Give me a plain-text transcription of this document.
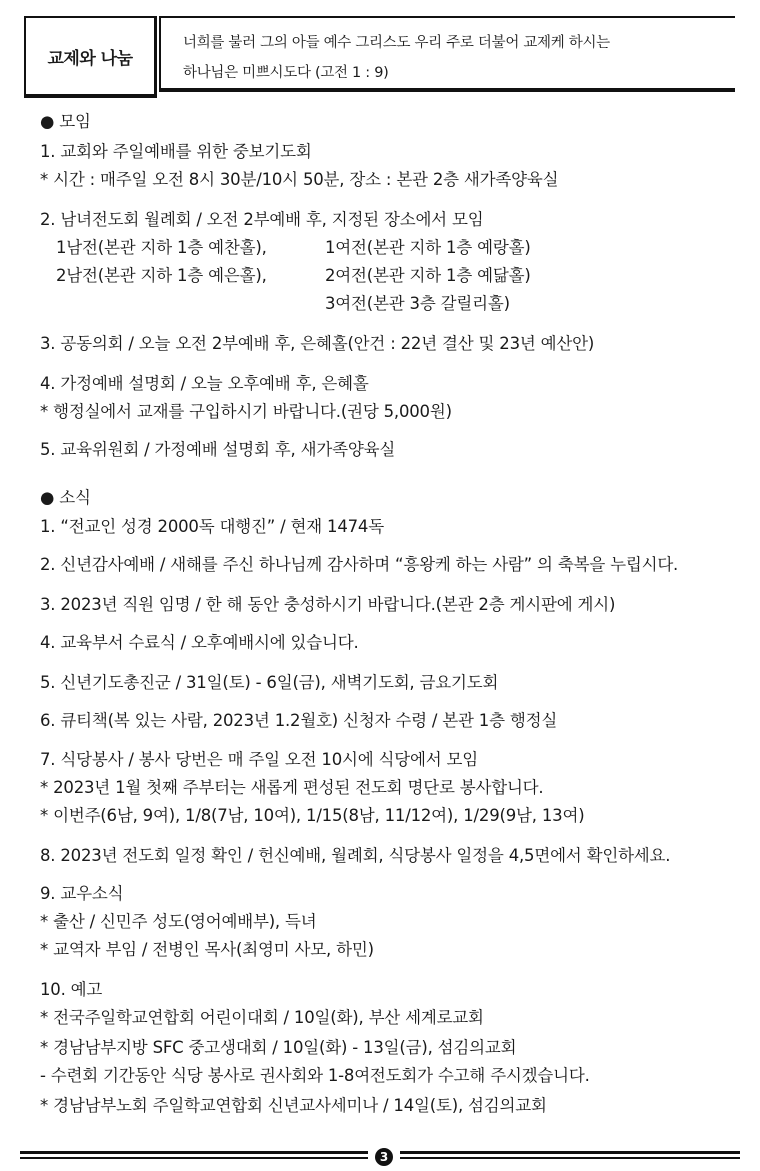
교제와 나눔
너희를 불러 그의 아들 예수 그리스도 우리 주로 더불어 교제케 하시는
하나님은 미쁘시도다 (고전 1 : 9)
● 모임
1. 교회와 주일예배를 위한 중보기도회
* 시간 : 매주일 오전 8시 30분/10시 50분, 장소 : 본관 2층 새가족양육실
2. 남녀전도회 월례회 / 오전 2부예배 후, 지정된 장소에서 모임
1남전(본관 지하 1층 예찬홀),	1여전(본관 지하 1층 예랑홀)
2남전(본관 지하 1층 예은홀),	2여전(본관 지하 1층 예닮홀)
3여전(본관 3층 갈릴리홀)
3. 공동의회 / 오늘 오전 2부예배 후, 은혜홀(안건 : 22년 결산 및 23년 예산안)
4. 가정예배 설명회 / 오늘 오후예배 후, 은혜홀
* 행정실에서 교재를 구입하시기 바랍니다.(권당 5,000원)
5. 교육위원회 / 가정예배 설명회 후, 새가족양육실
● 소식
1. “전교인 성경 2000독 대행진” / 현재 1474독
2. 신년감사예배 / 새해를 주신 하나님께 감사하며 “흥왕케 하는 사람” 의 축복을 누립시다.
3. 2023년 직원 임명 / 한 해 동안 충성하시기 바랍니다.(본관 2층 게시판에 게시)
4. 교육부서 수료식 / 오후예배시에 있습니다.
5. 신년기도총진군 / 31일(토) - 6일(금), 새벽기도회, 금요기도회
6. 큐티책(복 있는 사람, 2023년 1.2월호) 신청자 수령 / 본관 1층 행정실
7. 식당봉사 / 봉사 당번은 매 주일 오전 10시에 식당에서 모임
* 2023년 1월 첫째 주부터는 새롭게 편성된 전도회 명단로 봉사합니다.
* 이번주(6남, 9여), 1/8(7남, 10여), 1/15(8남, 11/12여), 1/29(9남, 13여)
8. 2023년 전도회 일정 확인 / 헌신예배, 월례회, 식당봉사 일정을 4,5면에서 확인하세요.
9. 교우소식
* 출산 / 신민주 성도(영어예배부), 득녀
* 교역자 부임 / 전병인 목사(최영미 사모, 하민)
10. 예고
* 전국주일학교연합회 어린이대회 / 10일(화), 부산 세계로교회
* 경남남부지방 SFC 중고생대회 / 10일(화) - 13일(금), 섬김의교회
- 수련회 기간동안 식당 봉사로 권사회와 1-8여전도회가 수고해 주시겠습니다.
* 경남남부노회 주일학교연합회 신년교사세미나 / 14일(토), 섬김의교회
3
